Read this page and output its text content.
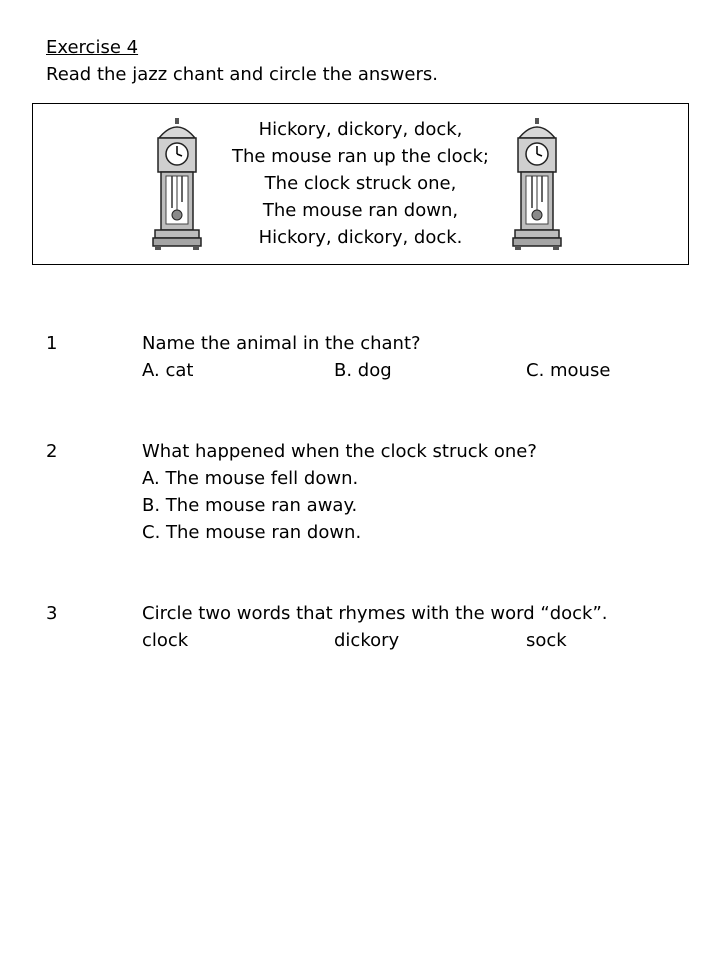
Exercise 4
Read the jazz chant and circle the answers.
Hickory, dickory, dock,
The mouse ran up the clock;
The clock struck one,
The mouse ran down,
Hickory, dickory, dock.
1	Name the animal in the chant?
A. cat	B. dog	C. mouse
2	What happened when the clock struck one?
A. The mouse fell down.
B. The mouse ran away.
C. The mouse ran down.
3	Circle two words that rhymes with the word “dock”.
clock	dickory	sock
